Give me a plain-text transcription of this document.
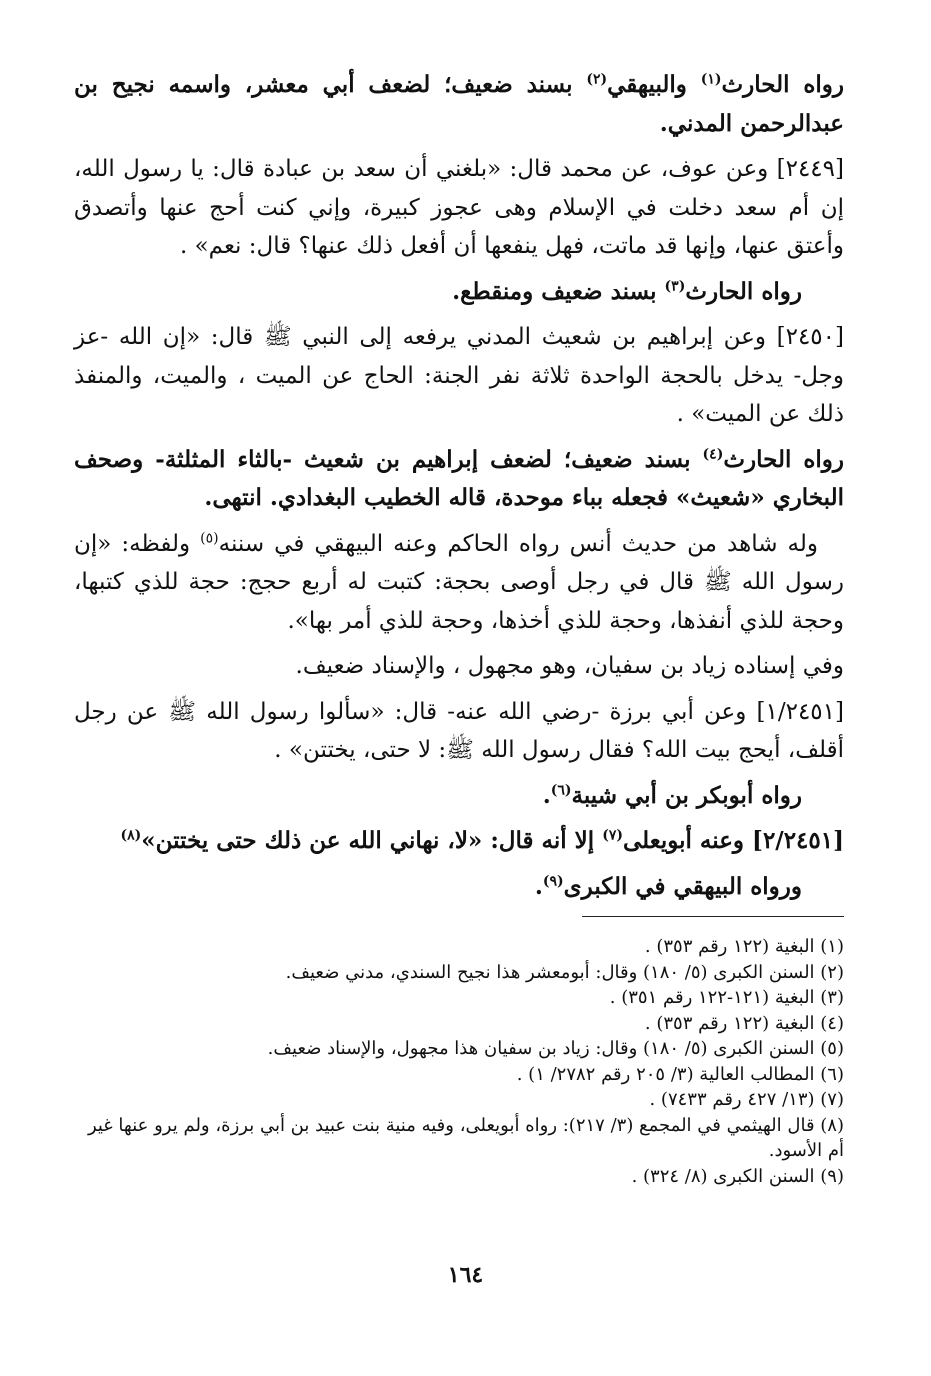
رواه الحارث$^{(١)}$ والبيهقي$^{(٢)}$ بسند ضعيف؛ لضعف أبي معشر، واسمه نجيح بن عبدالرحمن المدني.

[٢٤٤٩] وعن عوف، عن محمد قال: «بلغني أن سعد بن عبادة قال: يا رسول الله، إن أم سعد دخلت في الإسلام وهى عجوز كبيرة، وإني كنت أحج عنها وأتصدق وأعتق عنها، وإنها قد ماتت، فهل ينفعها أن أفعل ذلك عنها؟ قال: نعم» .

رواه الحارث$^{(٣)}$ بسند ضعيف ومنقطع.

[٢٤٥٠] وعن إبراهيم بن شعيث المدني يرفعه إلى النبي ﷺ قال: «إن الله -عز وجل- يدخل بالحجة الواحدة ثلاثة نفر الجنة: الحاج عن الميت ، والميت، والمنفذ ذلك عن الميت» .

رواه الحارث$^{(٤)}$ بسند ضعيف؛ لضعف إبراهيم بن شعيث -بالثاء المثلثة- وصحف البخاري «شعيث» فجعله بباء موحدة، قاله الخطيب البغدادي. انتهى.

وله شاهد من حديث أنس رواه الحاكم وعنه البيهقي في سننه$^{(٥)}$ ولفظه: «إن رسول الله ﷺ قال في رجل أوصى بحجة: كتبت له أربع حجج: حجة للذي كتبها، وحجة للذي أنفذها، وحجة للذي أخذها، وحجة للذي أمر بها».

وفي إسناده زياد بن سفيان، وهو مجهول ، والإسناد ضعيف.

[١/٢٤٥١] وعن أبي برزة -رضي الله عنه- قال: «سألوا رسول الله ﷺ عن رجل أقلف، أيحج بيت الله؟ فقال رسول الله ﷺ: لا حتى، يختتن» .

رواه أبوبكر بن أبي شيبة$^{(٦)}$.

[٢/٢٤٥١] وعنه أبويعلى$^{(٧)}$ إلا أنه قال: «لا، نهاني الله عن ذلك حتى يختتن»$^{(٨)}$

ورواه البيهقي في الكبرى$^{(٩)}$.

(١) البغية (١٢٢ رقم ٣٥٣) .

(٢) السنن الكبرى (٥/ ١٨٠) وقال: أبومعشر هذا نجيح السندي، مدني ضعيف.

(٣) البغية (١٢١-١٢٢ رقم ٣٥١) .

(٤) البغية (١٢٢ رقم ٣٥٣) .

(٥) السنن الكبرى (٥/ ١٨٠) وقال: زياد بن سفيان هذا مجهول، والإسناد ضعيف.

(٦) المطالب العالية (٣/ ٢٠٥ رقم ٢٧٨٢/ ١) .

(٧) (١٣/ ٤٢٧ رقم ٧٤٣٣) .

(٨) قال الهيثمي في المجمع (٣/ ٢١٧): رواه أبويعلى، وفيه منية بنت عبيد بن أبي برزة، ولم يرو عنها غير أم الأسود.

(٩) السنن الكبرى (٨/ ٣٢٤) .

١٦٤
